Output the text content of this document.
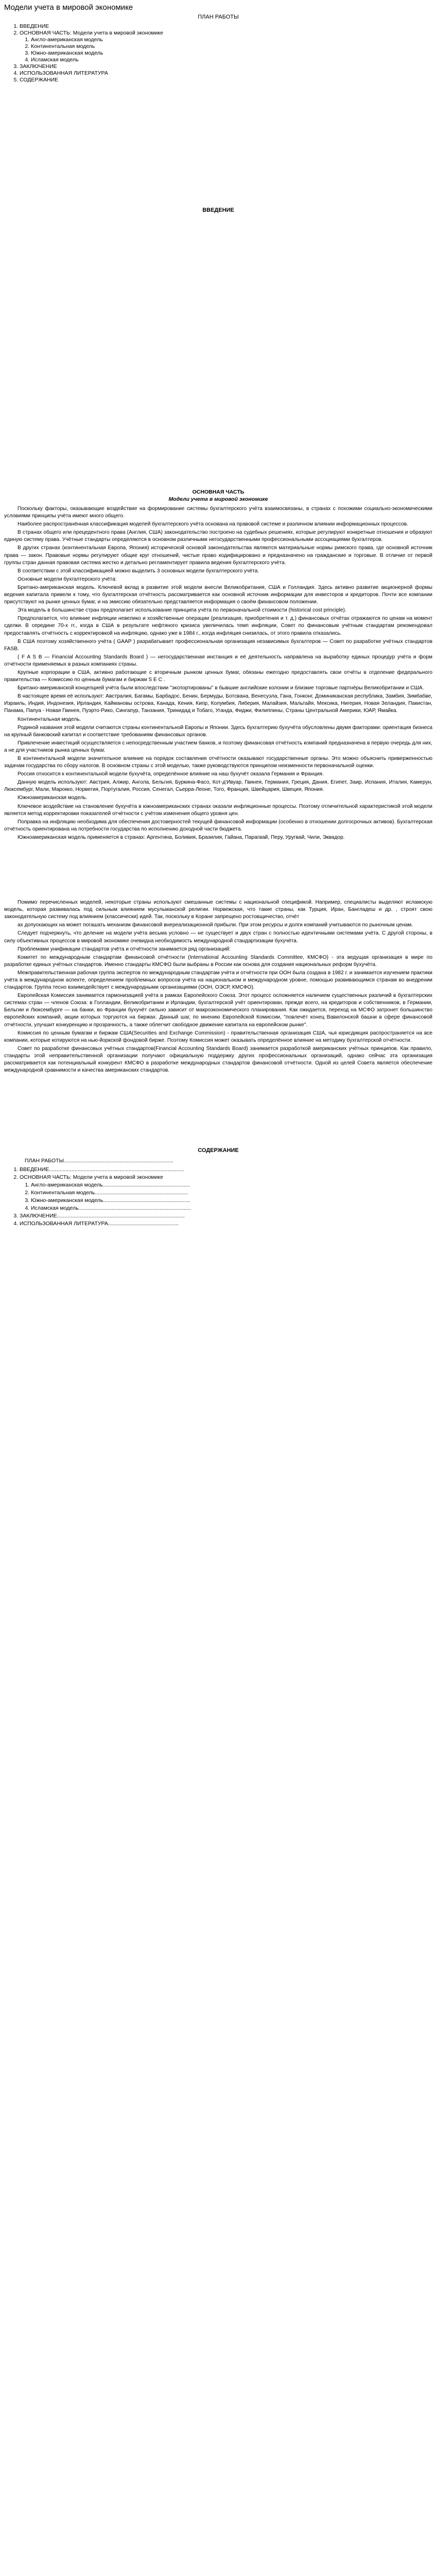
Модели учета в мировой экономике
ПЛАН РАБОТЫ
1. ВВЕДЕНИЕ
2. ОСНОВНАЯ ЧАСТЬ: Модели учета в мировой экономике
1. Англо-американская модель
2. Континентальная модель
3. Южно-американская модель
4. Исламская модель
3. ЗАКЛЮЧЕНИЕ
4. ИСПОЛЬЗОВАННАЯ ЛИТЕРАТУРА
5. СОДЕРЖАНИЕ
ВВЕДЕНИЕ
ОСНОВНАЯ ЧАСТЬ
Модели учета в мировой экономике

Поскольку факторы, оказывающие воздействие на формирование системы бухгалтерского учёта взаимосвязаны, в странах с похожими социально-экономическими условиями принципы учёта имеют много общего.

Наиболее распространённая классификация моделей бухгалтерского учёта основана на правовой системе и различном влиянии информационных процессов.

В странах общего или прецедентного права (Англия, США) законодательство построено на судебных решениях, которые регулируют конкретные отношения и образуют единую систему права. Учётные стандарты определяются в основном различными негосударственными профессиональными ассоциациями бухгалтеров.

В других странах (континентальная Европа, Япония) исторической основой законодательства являются материальные нормы римского права, где основной источник права — закон. Правовые нормы регулируют общие круг отношений, чистые право кодифицировано и предназначено на гражданские и торговые. В отличие от первой группы стран данная правовая система жестко и детально регламентирует правила ведения бухгалтерского учёта.

В соответствии с этой классификацией можно выделить 3 основных модели бухгалтерского учёта.

Основные модели бухгалтерского учёта:

Британо-американская модель. Ключевой вклад в развитие этой модели внесли Великобритания, США и Голландия. Здесь активно развитие акционерной формы ведения капитала привели к тому, что бухгалтерская отчётность рассматривается как основной источник информации для инвесторов и кредиторов. Почти все компании присутствуют на рынке ценных бумаг, и на эмиссию обязательно представляется информация о своём финансовом положении.

Эта модель в большинстве стран предполагает использование принципа учёта по первоначальной стоимости (historical cost principle).

Предполагается, что влияние инфляции невелико и хозяйственные операции (реализация, приобретения и т. д.) финансовых отчётах отражаются по ценам на момент сделки. В середине 70-х гг., когда в США в результате нефтяного кризиса увеличилась темп инфляции, Совет по финансовым учётным стандартам рекомендовал предоставлять отчётность с корректировкой на инфляцию, однако уже в 1984 г., когда инфляция снизилась, от этого правила отказались.

В США поэтому хозяйственного учёта ( GAAP ) разрабатывает профессиональная организация независимых бухгалтеров — Совет по разработке учётных стандартов FASB.

( F A S B — Financial Accounting Standards Board ) — негосударственная инстанция и её деятельность направлена на выработку единых процедур учёта и форм отчётности применяемых в разных компаниях страны.

Крупные корпорации в США, активно работающие с вторичным рынком ценных бумаг, обязаны ежегодно предоставлять свои отчёты в отделение федерального правительства — Комиссию по ценным бумагам и биржам S E C .

Британо-американской концепцией учёта были впоследствии "экспортированы" в бывшие английские колонии и близкие торговые партнёры Великобритании и США.

В настоящее время её используют: Австралия, Багамы, Барбадос, Бенин, Бермуды, Ботсвана, Венесуэла, Гана, Гонконг, Доминиканская республика, Замбия, Зимбабве, Израиль, Индия, Индонезия, Ирландия, Каймановы острова, Канада, Кения, Кипр, Колумбия, Либерия, Малайзия, Мальтайя, Мексика, Нигерия, Новая Зеландия, Пакистан, Панама, Папуа - Новая Гвинея, Пуэрто-Рико, Сингапур, Танзания, Тринидад и Тобаго, Уганда, Фиджи, Филиппины, Страны Центральной Америки, ЮАР, Ямайка.

Континентальная модель.

Родиной названия этой модели считаются страны континентальной Европы и Японии. Здесь бухгалтерию бухучёта обусловлены двумя факторами: ориентация бизнеса на крупный банковский капитал и соответствие требованиям финансовых органов.

Привлечение инвестиций осуществляется с непосредственным участием банков, и поэтому финансовая отчётность компаний предназначена в первую очередь для них, а не для участников рынка ценных бумаг.

В континентальной модели значительное влияние на порядок составления отчётности оказывают государственные органы. Это можно объяснить приверженностью задачам государства по сбору налогов. В основном страны с этой моделью, также руководствуются принципом неизменности первоначальной оценки.

Россия относится к континентальной модели бухучёта, определённое влияние на наш бухучёт оказала Германия и Франция.

Данную модель используют: Австрия, Алжир, Ангола, Бельгия, Буркина-Фасо, Кот-д'Ивуар, Гвинея, Германия, Греция, Дания, Египет, Заир, Испания, Италия, Камерун, Люксембург, Мали, Марокко, Норвегия, Португалия, Россия, Сенегал, Сьерра-Леоне, Того, Франция, Швейцария, Швеция, Япония.

Южноамериканская модель.

Ключевое воздействие на становление бухучёта в южноамериканских странах оказали инфляционные процессы. Поэтому отличительной характеристикой этой модели является метод корректировки показателей отчётности с учётом изменения общего уровня цен.

Поправка на инфляцию необходима для обеспечения достоверностей текущей финансовой информации (особенно в отношении долгосрочных активов). Бухгалтерская отчётность ориентирована на потребности государства по исполнению доходной части бюджета.

Южноамериканская модель применяется в странах: Аргентина, Боливия, Бразилия, Гайана, Парагвай, Перу, Уругвай, Чили, Эквадор.

Помимо перечисленных моделей, некоторые страны используют смешанные системы с национальной спецификой. Например, специалисты выделяют исламскую модель, которая развивалась под сильным влиянием мусульманской религии. Норвежская, что такие страны, как Турция, Иран, Бангладеш и др. , строят свою законодательную систему под влиянием (классически) идей. Так, поскольку в Коране запрещено ростовщичество, отчёт

ах допускающих на может погашать механизм финансовой внереализационной прибыли. При этом ресурсы и долги компаний учитываются по рыночным ценам.

Следует подчеркнуть, что деление на модели учёта весьма условно — не существует и двух стран с полностью идентичными системами учёта. С другой стороны, в силу объективных процессов в мировой экономике очевидна необходимость международной стандартизации бухучёта.

Проблемами унификации стандартов учёта и отчётности занимается ряд организаций:

Комитет по международным стандартам финансовой отчётности (International Accounting Standards Committee, КМСФО) - эта ведущая организация в мире по разработке единых учётных стандартов. Именно стандарты КМСФО были выбраны в России как основа для создания национальных реформ бухучёта.

Межправительственная рабочая группа экспертов по международным стандартам учёта и отчётности при ООН была создана в 1982 г. и занимается изучением практики учёта в международном аспекте, определением проблемных вопросов учёта на национальном и международном уровне, помощью развивающимся странам во внедрении стандартов. Группа тесно взаимодействует с международными организациями (ООН, ОЭСР, КМСФО).

Европейская Комиссия занимается гармонизацией учёта в рамках Европейского Союза. Этот процесс осложняется наличием существенных различий в бухгалтерских системах стран — членов Союза: в Голландии, Великобритании и Ирландии, бухгалтерской учёт ориентирован, прежде всего, на кредиторов и собственников, в Германии, Бельгии и Люксембурге — на банки, во Франции бухучёт сильно зависит от макроэкономического планирования. Как ожидается, переход на МСФО затронет большинство европейских компаний, акции которых торгуются на биржах. Данный шаг, по мнению Европейской Комиссии, "повлечёт конец Вавилонской башни в сфере финансовой отчётности, улучшит конкуренцию и прозрачность, а также облегчит свободное движение капитала на европейском рынке".

Комиссия по ценным бумагам и биржам США(Securities and Exchange Commission) - правительственная организация США, чья юрисдикция распространяется на все компании, которые котируются на нью-йоркской фондовой бирже. Поэтому Комиссия может оказывать определённое влияние на методику бухгалтерской отчётности.

Совет по разработке финансовых учётных стандартов(Financial Accounting Standards Board) занимается разработкой американских учётных принципов. Как правило, стандарты этой неправительственной организации получают официальную поддержку других профессиональных организаций, однако сейчас эта организация рассматривается как потенциальный конкурент КМСФО в разработке международных стандартов финансовой отчётности. Одной из целей Совета является обеспечение международной сравнимости и качества американских стандартов.

СОДЕРЖАНИЕ
ПЛАН РАБОТЫ.........................................................................
1. ВВЕДЕНИЕ..........................................................................................
2. ОСНОВНАЯ ЧАСТЬ: Модели учета в мировой экономике
1. Англо-американская модель..........................................................
2. Континентальная модель..............................................................
3. Южно-американская модель..........................................................
4. Исламская модель...........................................................................
3. ЗАКЛЮЧЕНИЕ.....................................................................................
4. ИСПОЛЬЗОВАННАЯ ЛИТЕРАТУРА...............................................
